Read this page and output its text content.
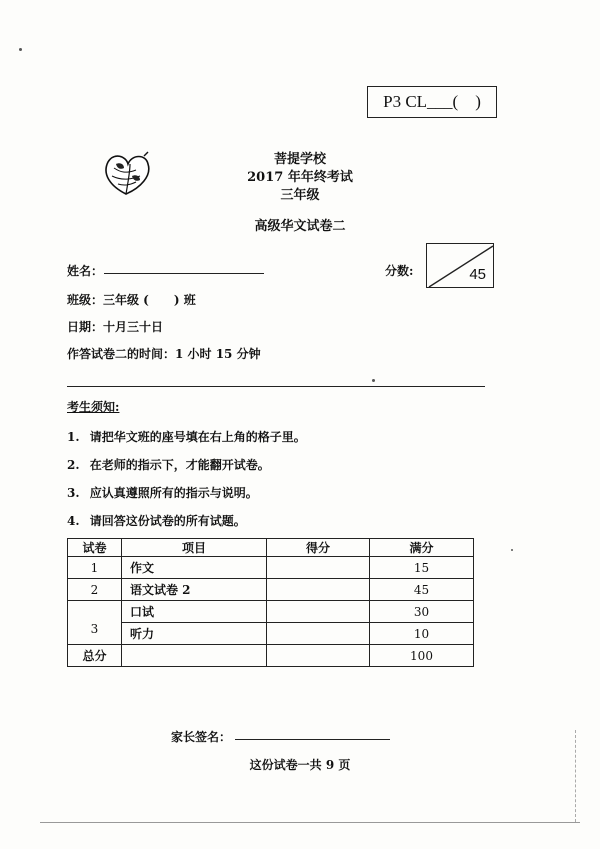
P3 CL___(    )
菩提学校
2017 年年终考试
三年级
高级华文试卷二
姓名：	分数:	45
班级：三年级 (      ) 班
日期：十月三十日
作答试卷二的时间：1 小时 15 分钟
考生须知:
1. 请把华文班的座号填在右上角的格子里。
2. 在老师的指示下，才能翻开试卷。
3. 应认真遵照所有的指示与说明。
4. 请回答这份试卷的所有试题。
试卷	项目	得分	满分
1	作文		15
2	语文试卷 2		45
3	口试		30
	听力		10
总分			100
家长签名：
这份试卷一共 9 页
